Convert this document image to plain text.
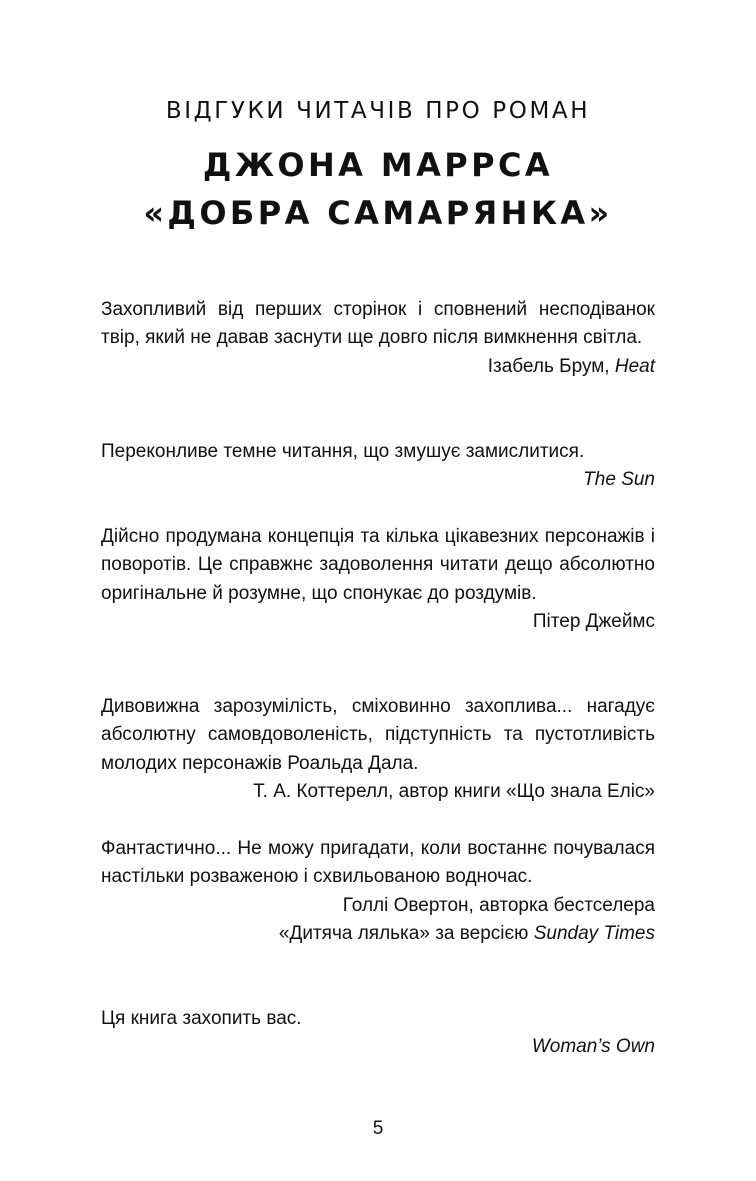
ВІДГУКИ ЧИТАЧІВ ПРО РОМАН
ДЖОНА МАРРСА
«ДОБРА САМАРЯНКА»

Захопливий від перших сторінок і сповнений несподіванок твір, який не давав заснути ще довго після вимкнення світла.

Ізабель Брум, Heat

Переконливе темне читання, що змушує замислитися.

The Sun

Дійсно продумана концепція та кілька цікавезних персонажів і поворотів. Це справжнє задоволення читати дещо абсолютно оригінальне й розумне, що спонукає до роздумів.

Пітер Джеймс

Дивовижна зарозумілість, сміховинно захоплива... нагадує абсолютну самовдоволеність, підступність та пустотливість молодих персонажів Роальда Дала.

Т. А. Коттерелл, автор книги «Що знала Еліс»

Фантастично... Не можу пригадати, коли востаннє почувалася настільки розваженою і схвильованою водночас.

Голлі Овертон, авторка бестселера

«Дитяча лялька» за версією Sunday Times

Ця книга захопить вас.

Woman’s Own

5
